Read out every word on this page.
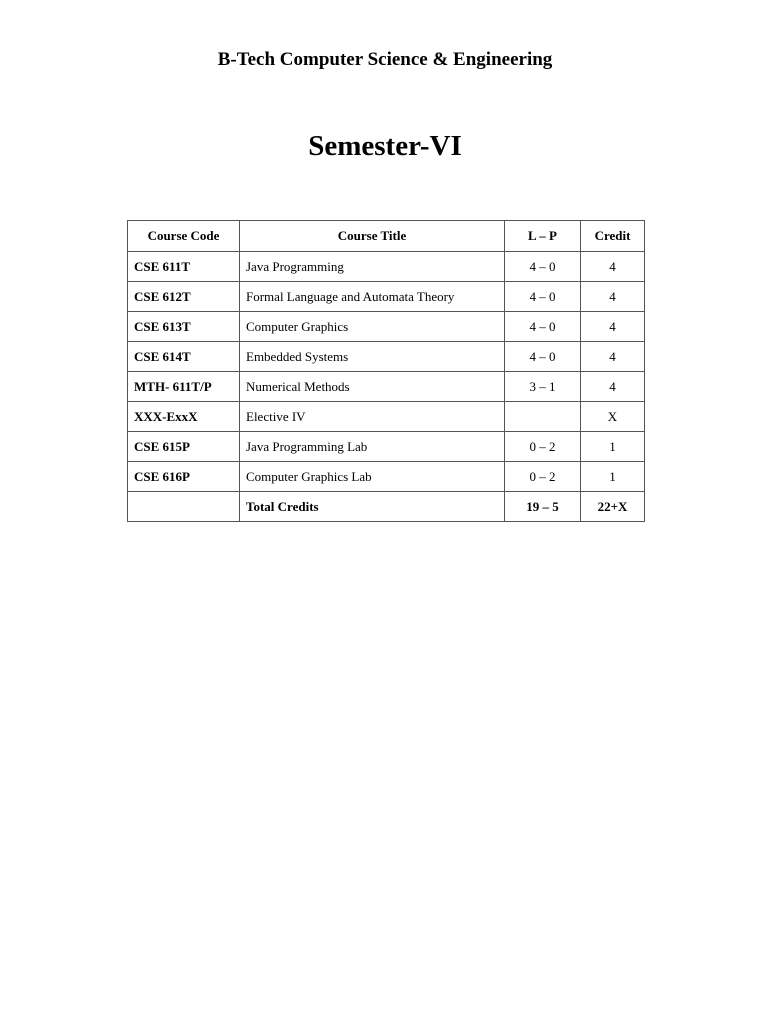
B-Tech Computer Science & Engineering
Semester-VI
Course Code	Course Title	L – P	Credit
CSE 611T	Java Programming	4 – 0	4
CSE 612T	Formal Language and Automata Theory	4 – 0	4
CSE 613T	Computer Graphics	4 – 0	4
CSE 614T	Embedded Systems	4 – 0	4
MTH- 611T/P	Numerical Methods	3 – 1	4
XXX-ExxX	Elective IV		X
CSE 615P	Java Programming Lab	0 – 2	1
CSE 616P	Computer Graphics Lab	0 – 2	1
	Total Credits	19 – 5	22+X
